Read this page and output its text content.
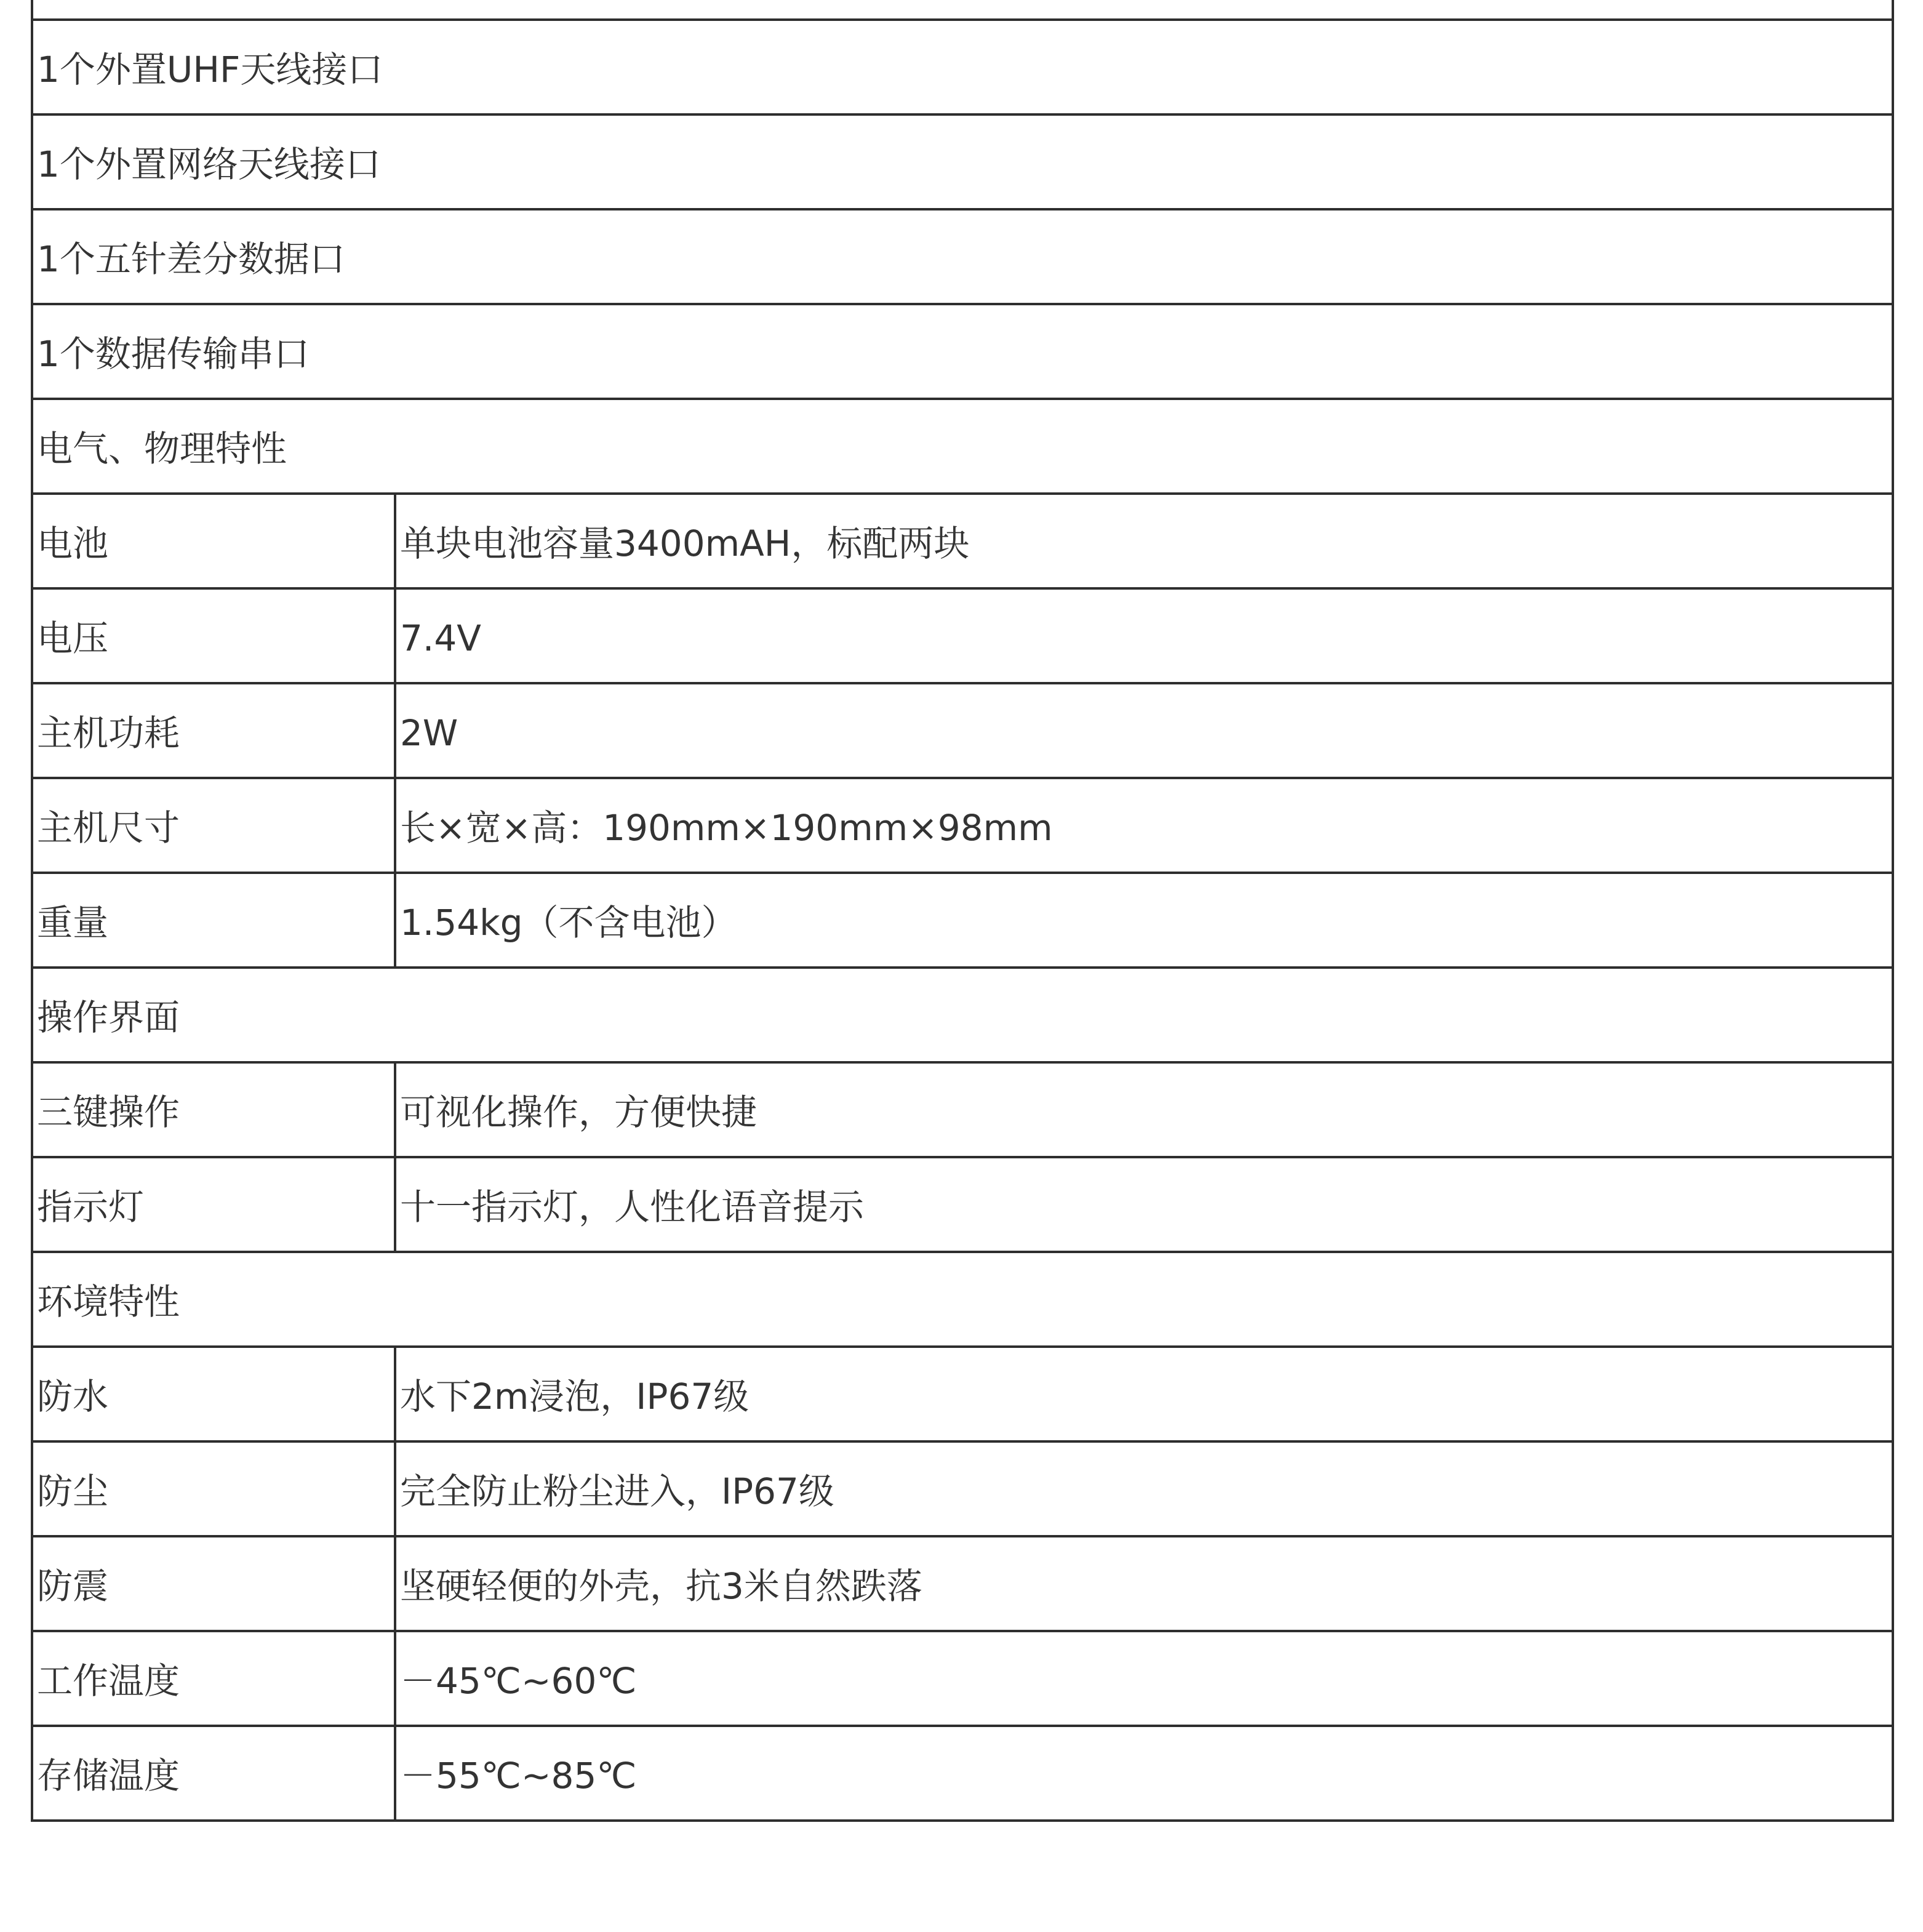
1个外置UHF天线接口	
1个外置网络天线接口	
1个五针差分数据口	
1个数据传输串口	
电气、物理特性	
电池	单块电池容量3400mAH，标配两块
电压	7.4V
主机功耗	2W
主机尺寸	长×宽×高：190mm×190mm×98mm
重量	1.54kg（不含电池）
操作界面	
三键操作	可视化操作，方便快捷
指示灯	十一指示灯，人性化语音提示
环境特性	
防水	水下2m浸泡，IP67级
防尘	完全防止粉尘进入，IP67级
防震	坚硬轻便的外壳，抗3米自然跌落
工作温度	－45℃~60℃
存储温度	－55℃~85℃
